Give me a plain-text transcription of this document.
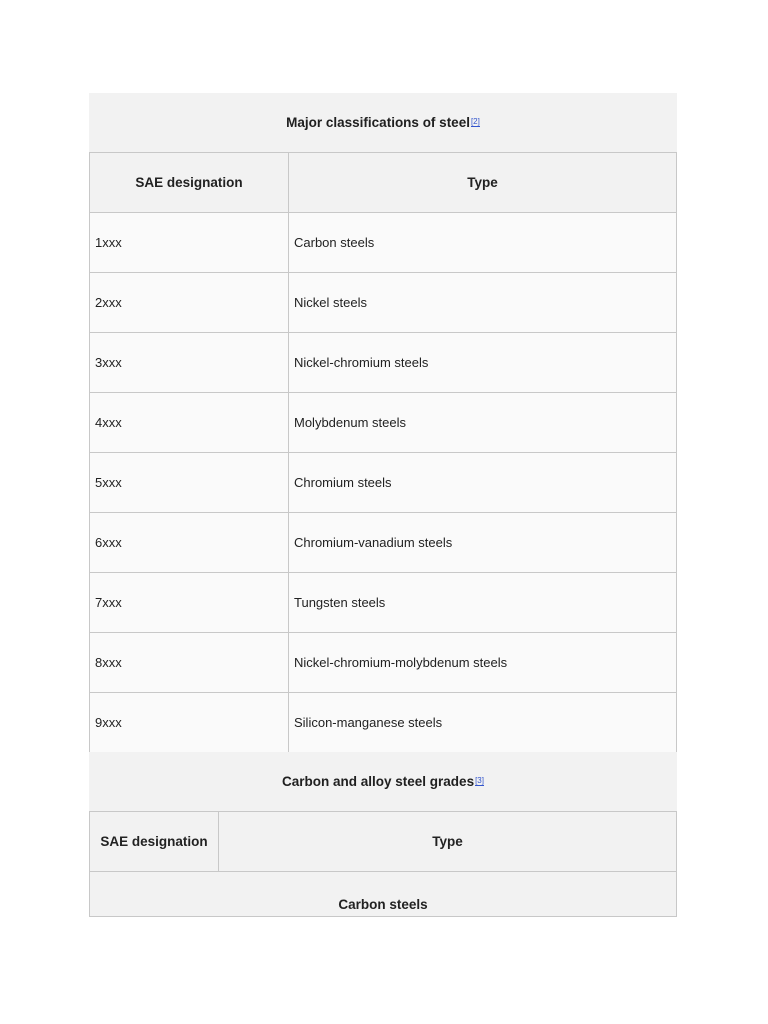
Major classifications of steel [2]
SAE designation	Type
1xxx	Carbon steels
2xxx	Nickel steels
3xxx	Nickel-chromium steels
4xxx	Molybdenum steels
5xxx	Chromium steels
6xxx	Chromium-vanadium steels
7xxx	Tungsten steels
8xxx	Nickel-chromium-molybdenum steels
9xxx	Silicon-manganese steels
Carbon and alloy steel grades [3]
SAE designation	Type
Carbon steels
